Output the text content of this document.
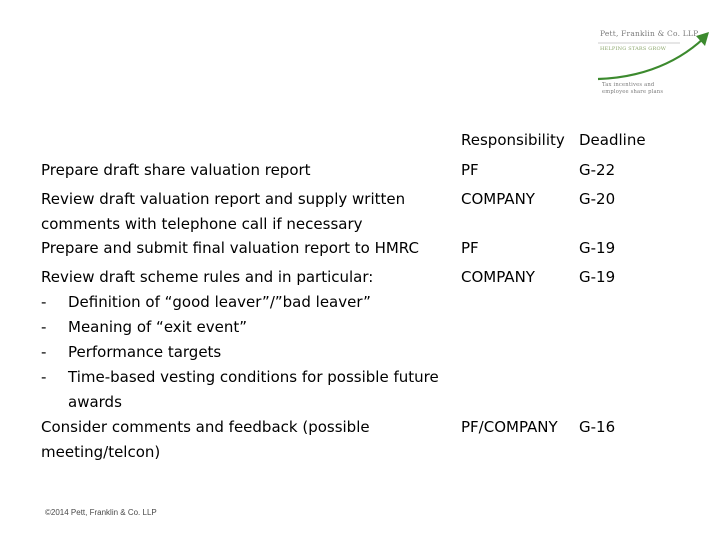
Pett, Franklin & Co. LLP
HELPING STARS GROW
Tax incentives and
employee share plans
Responsibility Deadline
Prepare draft share valuation report	PF	G-22
Review draft valuation report and supply written
comments with telephone call if necessary
COMPANY	G-20
Prepare and submit final valuation report to HMRC	PF	G-19
Review draft scheme rules and in particular:	COMPANY	G-19
- Definition of “good leaver”/”bad leaver”
- Meaning of “exit event”
- Performance targets
- Time-based vesting conditions for possible future
awards
Consider comments and feedback (possible
meeting/telcon)
PF/COMPANY G-16
©2014 Pett, Franklin & Co. LLP
